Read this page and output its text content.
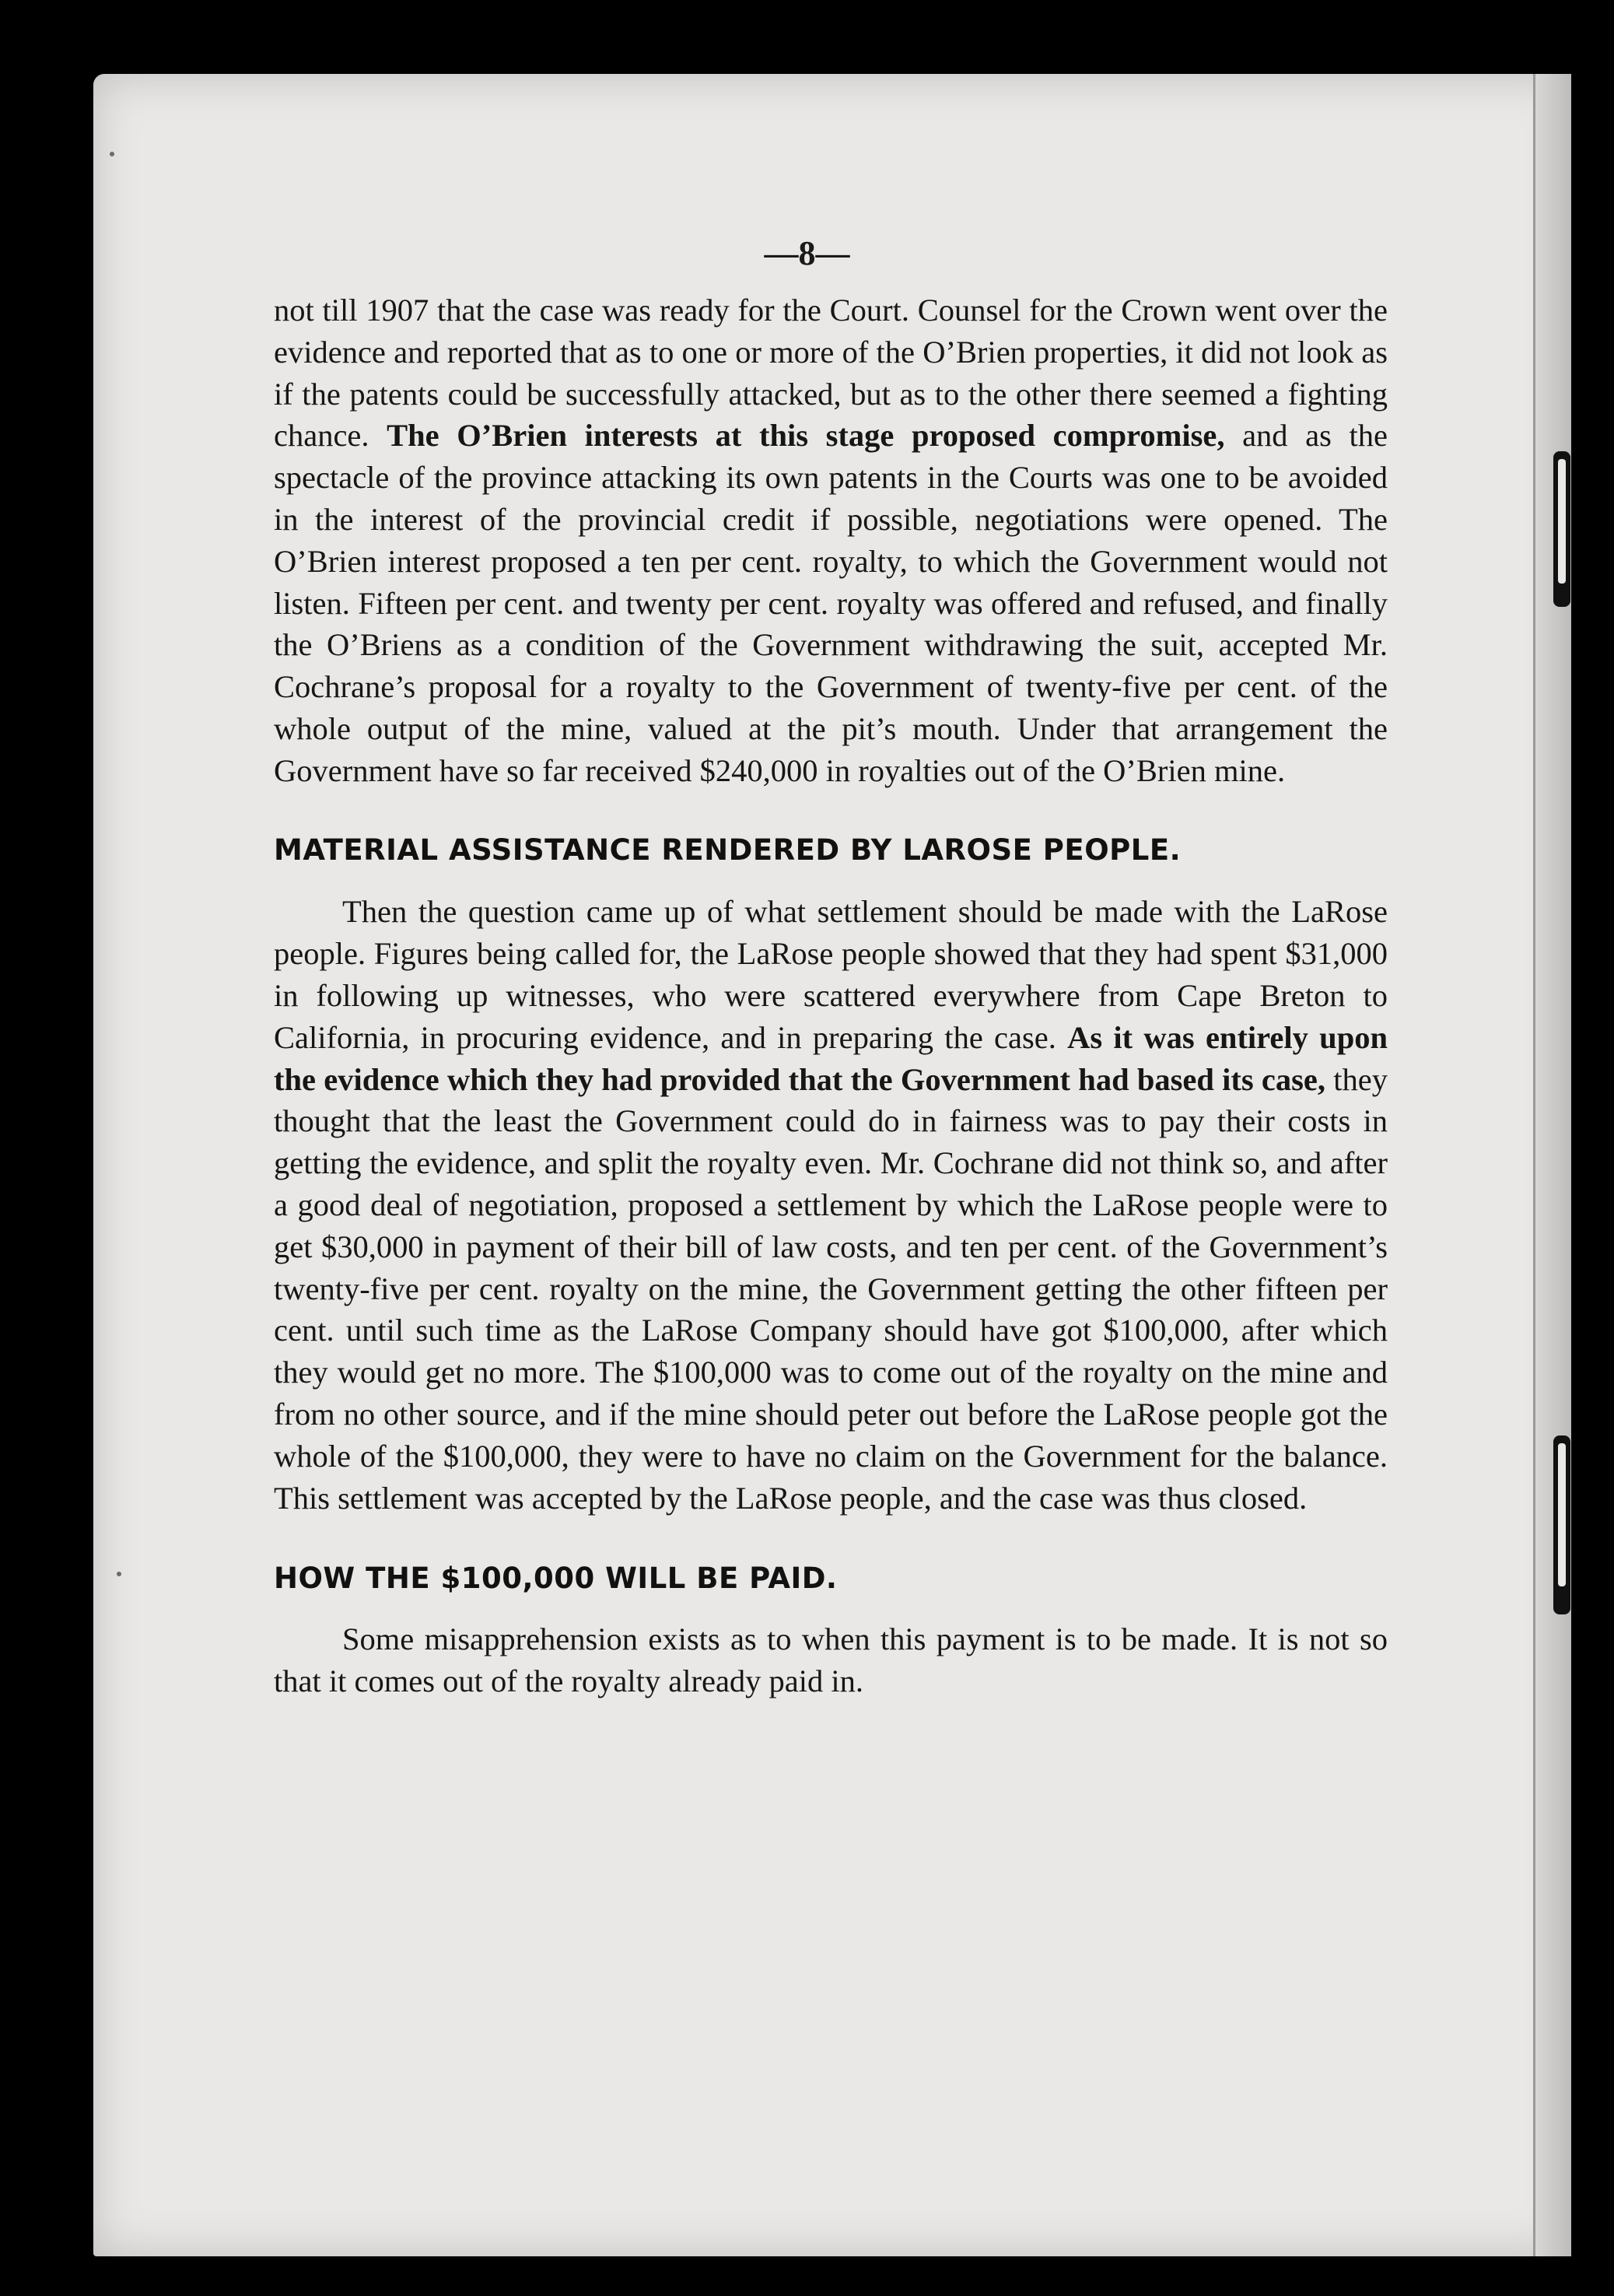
—8—

not till 1907 that the case was ready for the Court. Counsel for the Crown went over the evidence and reported that as to one or more of the O’Brien properties, it did not look as if the patents could be successfully attacked, but as to the other there seemed a fighting chance. The O’Brien interests at this stage proposed compromise, and as the spectacle of the province attacking its own patents in the Courts was one to be avoided in the interest of the provincial credit if possible, negotiations were opened. The O’Brien interest proposed a ten per cent. royalty, to which the Government would not listen. Fifteen per cent. and twenty per cent. royalty was offered and refused, and finally the O’Briens as a condition of the Government withdrawing the suit, accepted Mr. Cochrane’s proposal for a royalty to the Government of twenty-five per cent. of the whole output of the mine, valued at the pit’s mouth. Under that arrangement the Government have so far received $240,000 in royalties out of the O’Brien mine.

MATERIAL ASSISTANCE RENDERED BY LAROSE PEOPLE.

Then the question came up of what settlement should be made with the LaRose people. Figures being called for, the LaRose people showed that they had spent $31,000 in following up witnesses, who were scattered everywhere from Cape Breton to California, in procuring evidence, and in preparing the case. As it was entirely upon the evidence which they had provided that the Government had based its case, they thought that the least the Government could do in fairness was to pay their costs in getting the evidence, and split the royalty even. Mr. Cochrane did not think so, and after a good deal of negotiation, proposed a settlement by which the LaRose people were to get $30,000 in payment of their bill of law costs, and ten per cent. of the Government’s twenty-five per cent. royalty on the mine, the Government getting the other fifteen per cent. until such time as the LaRose Company should have got $100,000, after which they would get no more. The $100,000 was to come out of the royalty on the mine and from no other source, and if the mine should peter out before the LaRose people got the whole of the $100,000, they were to have no claim on the Government for the balance. This settlement was accepted by the LaRose people, and the case was thus closed.

HOW THE $100,000 WILL BE PAID.

Some misapprehension exists as to when this payment is to be made. It is not so that it comes out of the royalty already paid in.
